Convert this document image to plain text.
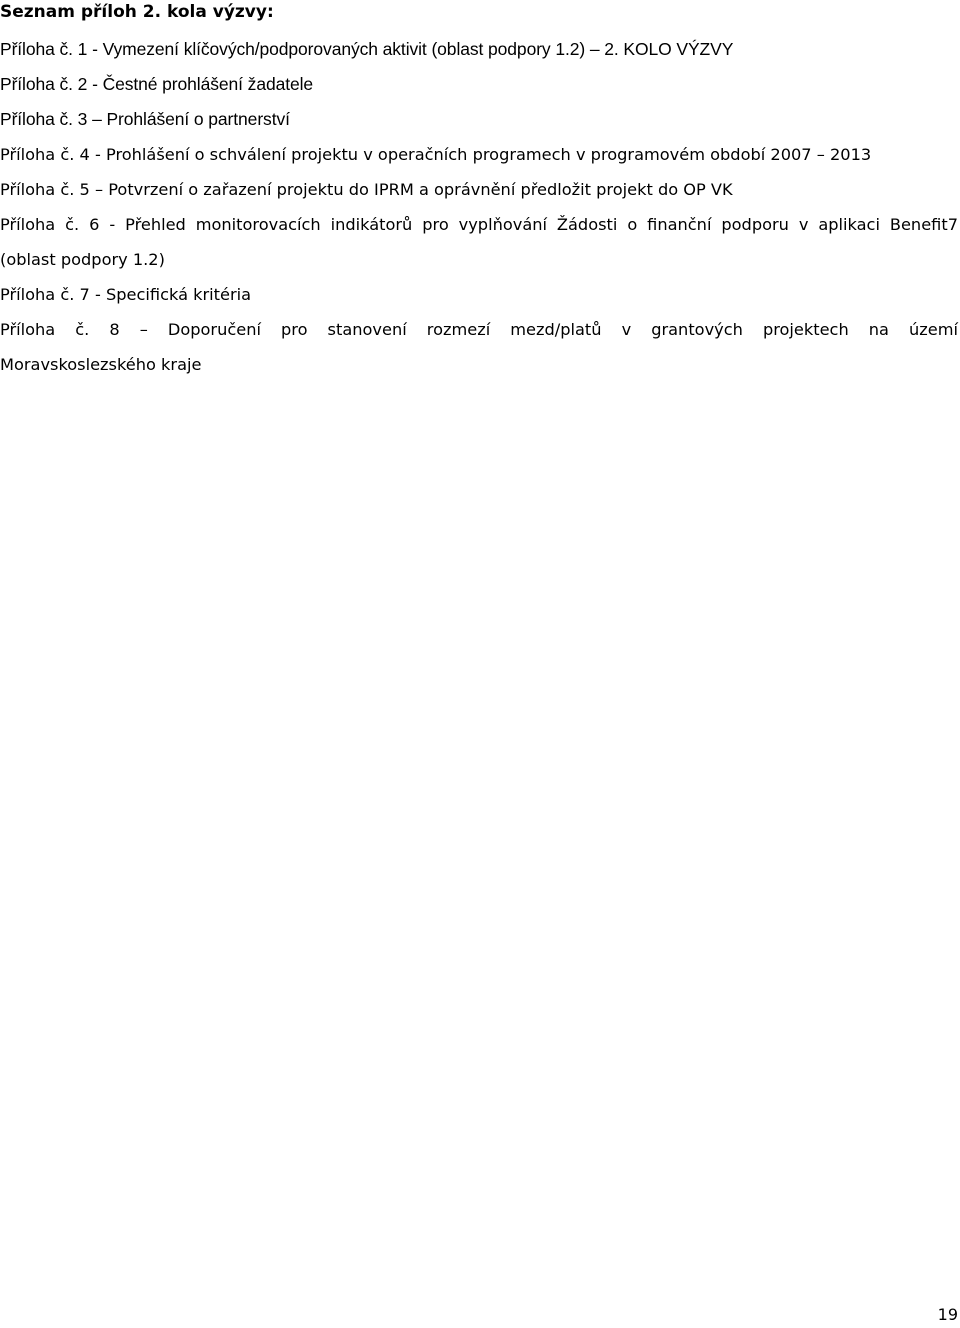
Seznam příloh 2. kola výzvy:
Příloha č. 1 - Vymezení klíčových/podporovaných aktivit (oblast podpory 1.2) – 2. KOLO VÝZVY
Příloha č. 2 - Čestné prohlášení žadatele
Příloha č. 3 – Prohlášení o partnerství
Příloha č. 4 - Prohlášení o schválení projektu v operačních programech v programovém období 2007 – 2013
Příloha č. 5 – Potvrzení o zařazení projektu do IPRM a oprávnění předložit projekt do OP VK
Příloha č. 6 - Přehled monitorovacích indikátorů pro vyplňování Žádosti o finanční podporu v aplikaci Benefit7
(oblast podpory 1.2)
Příloha č. 7 - Specifická kritéria
Příloha č. 8 – Doporučení pro stanovení rozmezí mezd/platů v grantových projektech na území
Moravskoslezského kraje
19
